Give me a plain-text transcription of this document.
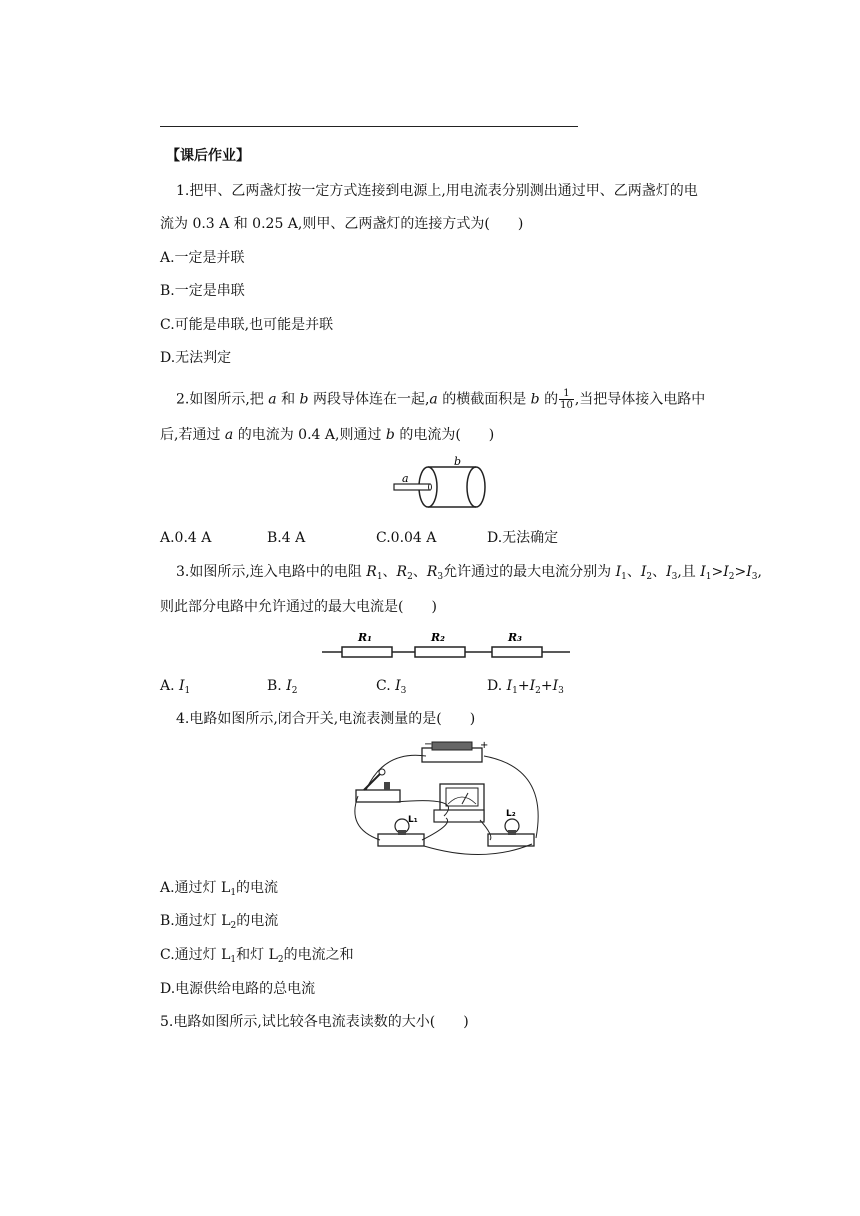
【课后作业】
1.把甲、乙两盏灯按一定方式连接到电源上,用电流表分别测出通过甲、乙两盏灯的电
流为 0.3 A 和 0.25 A,则甲、乙两盏灯的连接方式为(　　)
A.一定是并联
B.一定是串联
C.可能是串联,也可能是并联
D.无法判定
2.如图所示,把 a 和 b 两段导体连在一起,a 的横截面积是 b 的 $\frac{1}{10}$ ,当把导体接入电路中
后,若通过 a 的电流为 0.4 A,则通过 b 的电流为(　　)
a
b
A.0.4 A	B.4 A	C.0.04 A	D.无法确定
3.如图所示,连入电路中的电阻 $R_1$、$R_2$、$R_3$允许通过的最大电流分别为 $I_1$、$I_2$、$I_3$,且 $I_1>I_2>I_3$,
则此部分电路中允许通过的最大电流是(　　)
R₁	R₂	R₃
A. $I_1$	B. $I_2$	C. $I_3$	D. $I_1+I_2+I_3$
4.电路如图所示,闭合开关,电流表测量的是(　　)
−	+
L₁
L₂
A.通过灯 $L_1$的电流
B.通过灯 $L_2$的电流
C.通过灯 $L_1$和灯 $L_2$的电流之和
D.电源供给电路的总电流
5.电路如图所示,试比较各电流表读数的大小(　　)
